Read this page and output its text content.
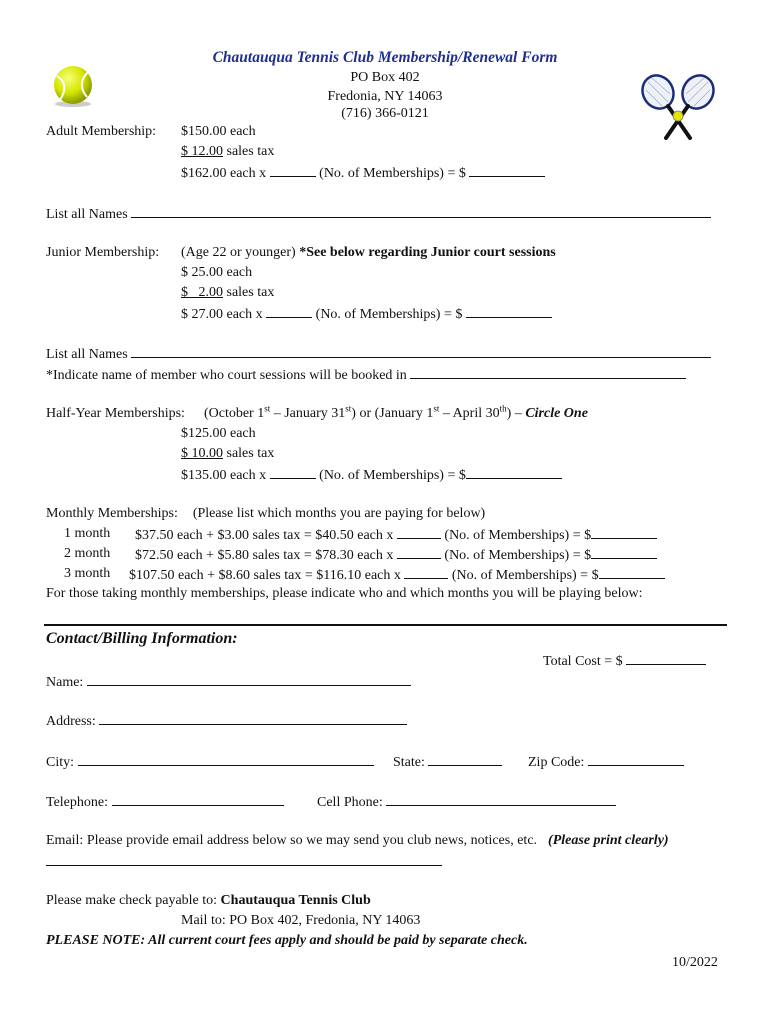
Chautauqua Tennis Club Membership/Renewal Form
PO Box 402
Fredonia, NY 14063
(716) 366-0121
Adult Membership: $150.00 each
$ 12.00 sales tax
$162.00 each x	(No. of Memberships) = $
List all Names
Junior Membership: (Age 22 or younger) *See below regarding Junior court sessions
$ 25.00 each
$   2.00 sales tax
$ 27.00 each x	(No. of Memberships) = $
List all Names
*Indicate name of member who court sessions will be booked in
Half-Year Memberships: (October 1st – January 31st) or (January 1st – April 30th) – Circle One
$125.00 each
$ 10.00 sales tax
$135.00 each x	(No. of Memberships) = $
Monthly Memberships: (Please list which months you are paying for below)
1 month $37.50 each + $3.00 sales tax = $40.50 each x	(No. of Memberships) = $
2 month $72.50 each + $5.80 sales tax = $78.30 each x	(No. of Memberships) = $
3 month $107.50 each + $8.60 sales tax = $116.10 each x	(No. of Memberships) = $
For those taking monthly memberships, please indicate who and which months you will be playing below:
Contact/Billing Information:
Total Cost = $
Name:
Address:
City:	State:	Zip Code:
Telephone:	Cell Phone:
Email: Please provide email address below so we may send you club news, notices, etc. (Please print clearly)
Please make check payable to: Chautauqua Tennis Club
Mail to: PO Box 402, Fredonia, NY 14063
PLEASE NOTE: All current court fees apply and should be paid by separate check.
10/2022
